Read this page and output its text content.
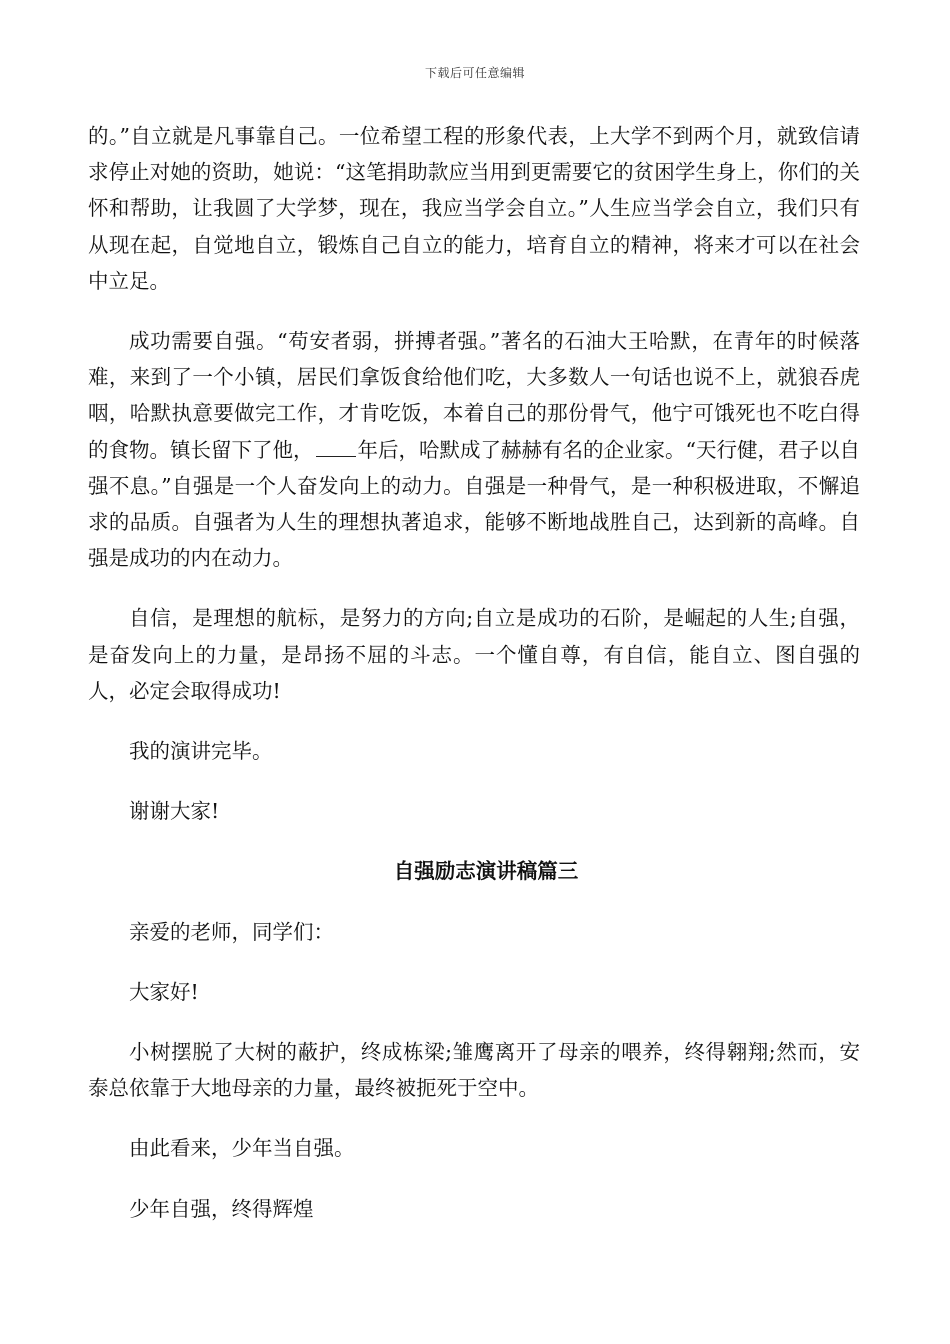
下载后可任意编辑

的。”自立就是凡事靠自己。一位希望工程的形象代表，上大学不到两个月，就致信请求停止对她的资助，她说：“这笔捐助款应当用到更需要它的贫困学生身上，你们的关怀和帮助，让我圆了大学梦，现在，我应当学会自立。”人生应当学会自立，我们只有从现在起，自觉地自立，锻炼自己自立的能力，培育自立的精神，将来才可以在社会中立足。

成功需要自强。“苟安者弱，拼搏者强。”著名的石油大王哈默，在青年的时候落难，来到了一个小镇，居民们拿饭食给他们吃，大多数人一句话也说不上，就狼吞虎咽，哈默执意要做完工作，才肯吃饭，本着自己的那份骨气，他宁可饿死也不吃白得的食物。镇长留下了他， 年后，哈默成了赫赫有名的企业家。“天行健，君子以自强不息。”自强是一个人奋发向上的动力。自强是一种骨气，是一种积极进取，不懈追求的品质。自强者为人生的理想执著追求，能够不断地战胜自己，达到新的高峰。自强是成功的内在动力。

自信，是理想的航标，是努力的方向;自立是成功的石阶，是崛起的人生;自强，是奋发向上的力量，是昂扬不屈的斗志。一个懂自尊，有自信，能自立、图自强的人，必定会取得成功!

我的演讲完毕。

谢谢大家!

自强励志演讲稿篇三

亲爱的老师，同学们：

大家好!

小树摆脱了大树的蔽护，终成栋梁;雏鹰离开了母亲的喂养，终得翱翔;然而，安泰总依靠于大地母亲的力量，最终被扼死于空中。

由此看来，少年当自强。

少年自强，终得辉煌
